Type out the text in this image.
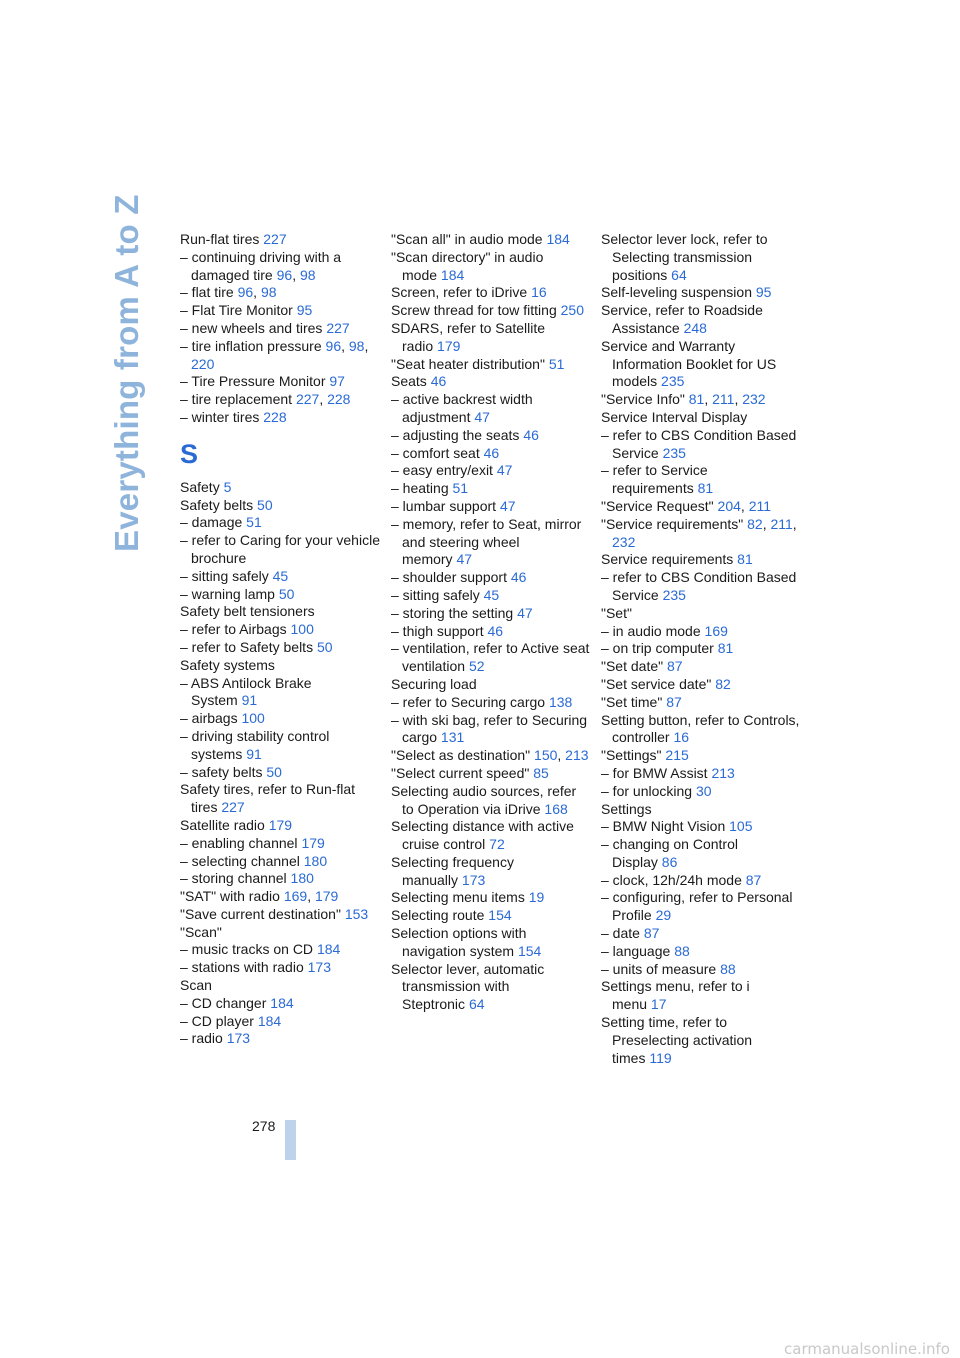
Everything from A to Z	Run-flat tires 227
– continuing driving with a damaged tire 96, 98
– flat tire 96, 98
– Flat Tire Monitor 95
– new wheels and tires 227
– tire inflation pressure 96, 98, 220
– Tire Pressure Monitor 97
– tire replacement 227, 228
– winter tires 228
S
Safety 5
Safety belts 50
– damage 51
– refer to Caring for your vehicle brochure
– sitting safely 45
– warning lamp 50
Safety belt tensioners
– refer to Airbags 100
– refer to Safety belts 50
Safety systems
– ABS Antilock Brake System 91
– airbags 100
– driving stability control systems 91
– safety belts 50
Safety tires, refer to Run-flat tires 227
Satellite radio 179
– enabling channel 179
– selecting channel 180
– storing channel 180
"SAT" with radio 169, 179
"Save current destination" 153
"Scan"
– music tracks on CD 184
– stations with radio 173
Scan
– CD changer 184
– CD player 184
– radio 173
"Scan all" in audio mode 184
"Scan directory" in audio mode 184
Screen, refer to iDrive 16
Screw thread for tow fitting 250
SDARS, refer to Satellite radio 179
"Seat heater distribution" 51
Seats 46
– active backrest width adjustment 47
– adjusting the seats 46
– comfort seat 46
– easy entry/exit 47
– heating 51
– lumbar support 47
– memory, refer to Seat, mirror and steering wheel memory 47
– shoulder support 46
– sitting safely 45
– storing the setting 47
– thigh support 46
– ventilation, refer to Active seat ventilation 52
Securing load
– refer to Securing cargo 138
– with ski bag, refer to Securing cargo 131
"Select as destination" 150, 213
"Select current speed" 85
Selecting audio sources, refer to Operation via iDrive 168
Selecting distance with active cruise control 72
Selecting frequency manually 173
Selecting menu items 19
Selecting route 154
Selection options with navigation system 154
Selector lever, automatic transmission with Steptronic 64
Selector lever lock, refer to Selecting transmission positions 64
Self-leveling suspension 95
Service, refer to Roadside Assistance 248
Service and Warranty Information Booklet for US models 235
"Service Info" 81, 211, 232
Service Interval Display
– refer to CBS Condition Based Service 235
– refer to Service requirements 81
"Service Request" 204, 211
"Service requirements" 82, 211, 232
Service requirements 81
– refer to CBS Condition Based Service 235
"Set"
– in audio mode 169
– on trip computer 81
"Set date" 87
"Set service date" 82
"Set time" 87
Setting button, refer to Controls, controller 16
"Settings" 215
– for BMW Assist 213
– for unlocking 30
Settings
– BMW Night Vision 105
– changing on Control Display 86
– clock, 12h/24h mode 87
– configuring, refer to Personal Profile 29
– date 87
– language 88
– units of measure 88
Settings menu, refer to i menu 17
Setting time, refer to Preselecting activation times 119
278
carmanualsonline.info
